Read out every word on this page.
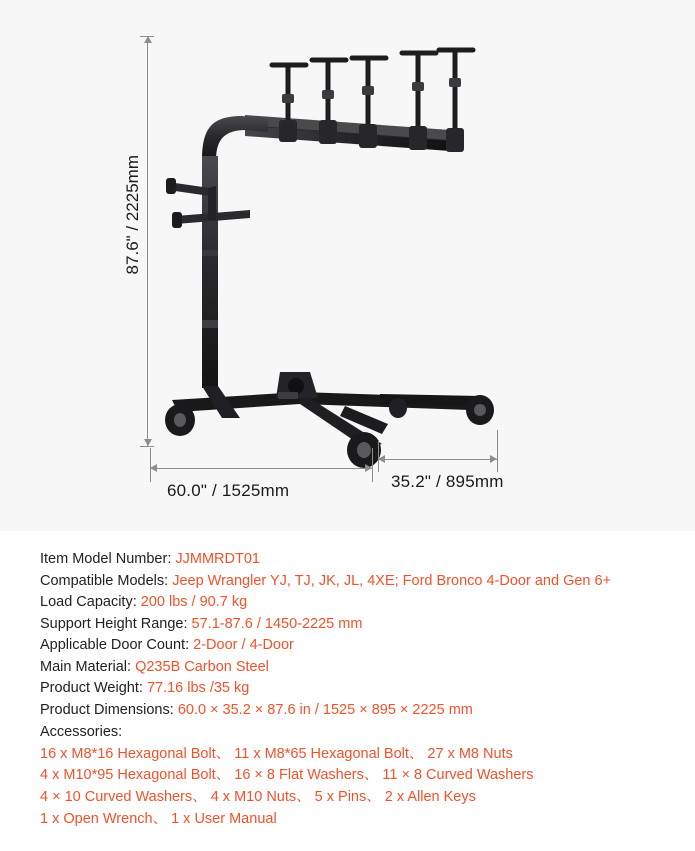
87.6" / 2225mm
60.0" / 1525mm	35.2" / 895mm
Item Model Number: JJMMRDT01
Compatible Models: Jeep Wrangler YJ, TJ, JK, JL, 4XE; Ford Bronco 4-Door and Gen 6+
Load Capacity: 200 lbs / 90.7 kg
Support Height Range: 57.1-87.6 / 1450-2225 mm
Applicable Door Count: 2-Door / 4-Door
Main Material: Q235B Carbon Steel
Product Weight: 77.16 lbs /35 kg
Product Dimensions: 60.0 × 35.2 × 87.6 in / 1525 × 895 × 2225 mm
Accessories:
16 x M8*16 Hexagonal Bolt、 11 x M8*65 Hexagonal Bolt、 27 x M8 Nuts
4 x M10*95 Hexagonal Bolt、 16 × 8 Flat Washers、 11 × 8 Curved Washers
4 × 10 Curved Washers、 4 x M10 Nuts、 5 x Pins、 2 x Allen Keys
1 x Open Wrench、 1 x User Manual
